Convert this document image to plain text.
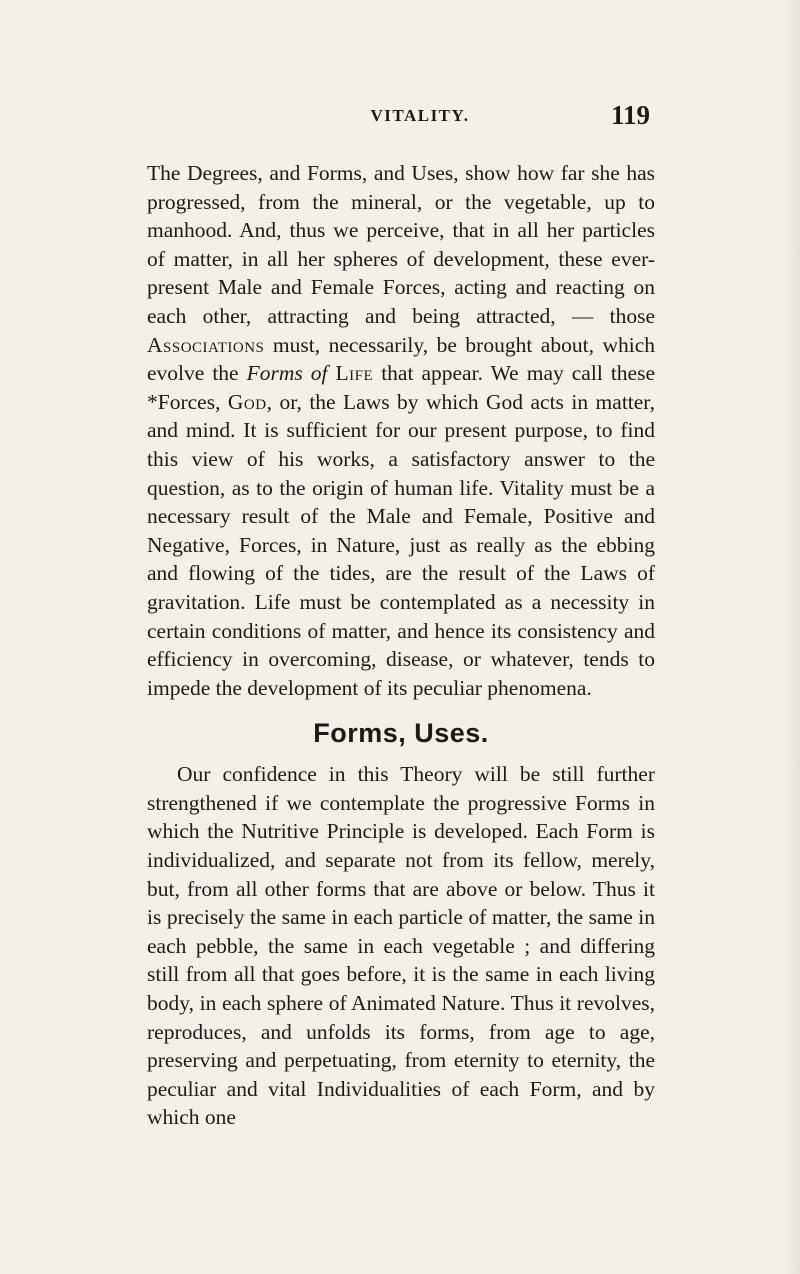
VITALITY.	119

The Degrees, and Forms, and Uses, show how far she has progressed, from the mineral, or the vegetable, up to manhood. And, thus we perceive, that in all her particles of matter, in all her spheres of development, these ever-present Male and Female Forces, acting and reacting on each other, attracting and being attracted, — those Associations must, necessarily, be brought about, which evolve the Forms of Life that appear. We may call these *Forces, God, or, the Laws by which God acts in matter, and mind. It is sufficient for our present purpose, to find this view of his works, a satisfactory answer to the question, as to the origin of human life. Vitality must be a necessary result of the Male and Female, Positive and Negative, Forces, in Nature, just as really as the ebbing and flowing of the tides, are the result of the Laws of gravitation. Life must be contemplated as a necessity in certain conditions of matter, and hence its consistency and efficiency in overcoming, disease, or whatever, tends to impede the development of its peculiar phenomena.

Forms, Uses.

Our confidence in this Theory will be still further strengthened if we contemplate the progressive Forms in which the Nutritive Principle is developed. Each Form is individualized, and separate not from its fellow, merely, but, from all other forms that are above or below. Thus it is precisely the same in each particle of matter, the same in each pebble, the same in each vegetable ; and differing still from all that goes before, it is the same in each living body, in each sphere of Animated Nature. Thus it revolves, reproduces, and unfolds its forms, from age to age, preserving and perpetuating, from eternity to eternity, the peculiar and vital Individualities of each Form, and by which one
